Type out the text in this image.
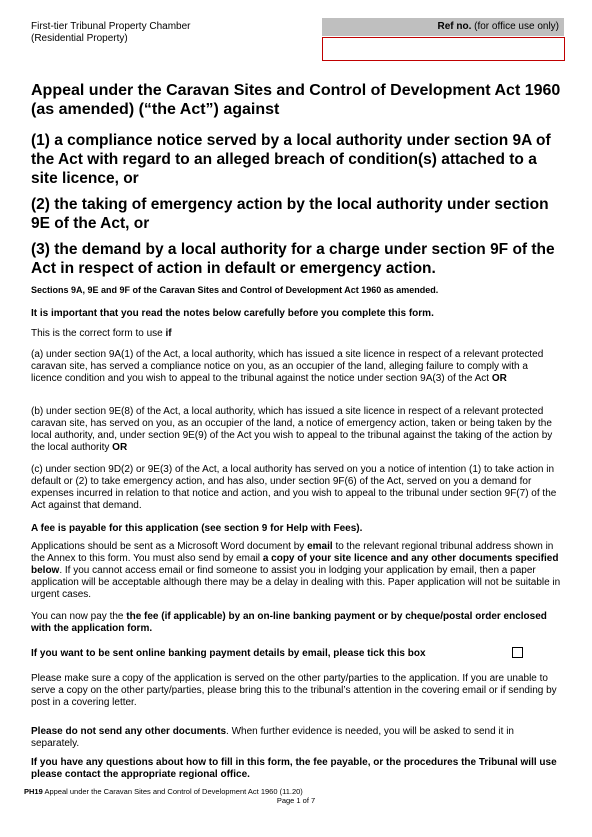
First-tier Tribunal Property Chamber
(Residential Property)
Ref no. (for office use only)
Appeal under the Caravan Sites and Control of Development Act 1960 (as amended) (“the Act”) against
(1) a compliance notice served by a local authority under section 9A of the Act with regard to an alleged breach of condition(s) attached to a site licence, or
(2) the taking of emergency action by the local authority under section 9E of the Act, or
(3) the demand by a local authority for a charge under section 9F of the Act in respect of action in default or emergency action.
Sections 9A, 9E and 9F of the Caravan Sites and Control of Development Act 1960 as amended.
It is important that you read the notes below carefully before you complete this form.
This is the correct form to use if
(a) under section 9A(1) of the Act, a local authority, which has issued a site licence in respect of a relevant protected caravan site, has served a compliance notice on you, as an occupier of the land, alleging failure to comply with a licence condition and you wish to appeal to the tribunal against the notice under section 9A(3) of the Act OR
(b) under section 9E(8) of the Act, a local authority, which has issued a site licence in respect of a relevant protected caravan site, has served on you, as an occupier of the land, a notice of emergency action, taken or being taken by the local authority, and, under section 9E(9) of the Act you wish to appeal to the tribunal against the taking of the action by the local authority OR
(c) under section 9D(2) or 9E(3) of the Act, a local authority has served on you a notice of intention (1) to take action in default or (2) to take emergency action, and has also, under section 9F(6) of the Act, served on you a demand for expenses incurred in relation to that notice and action, and you wish to appeal to the tribunal under section 9F(7) of the Act against that demand.
A fee is payable for this application (see section 9 for Help with Fees).
Applications should be sent as a Microsoft Word document by email to the relevant regional tribunal address shown in the Annex to this form. You must also send by email a copy of your site licence and any other documents specified below. If you cannot access email or find someone to assist you in lodging your application by email, then a paper application will be acceptable although there may be a delay in dealing with this. Paper application will not be suitable in urgent cases.
You can now pay the the fee (if applicable) by an on-line banking payment or by cheque/postal order enclosed with the application form.
If you want to be sent online banking payment details by email, please tick this box
Please make sure a copy of the application is served on the other party/parties to the application. If you are unable to serve a copy on the other party/parties, please bring this to the tribunal’s attention in the covering email or if sending by post in a covering letter.
Please do not send any other documents. When further evidence is needed, you will be asked to send it in separately.
If you have any questions about how to fill in this form, the fee payable, or the procedures the Tribunal will use please contact the appropriate regional office.
PH19 Appeal under the Caravan Sites and Control of Development Act 1960 (11.20)
Page 1 of 7
